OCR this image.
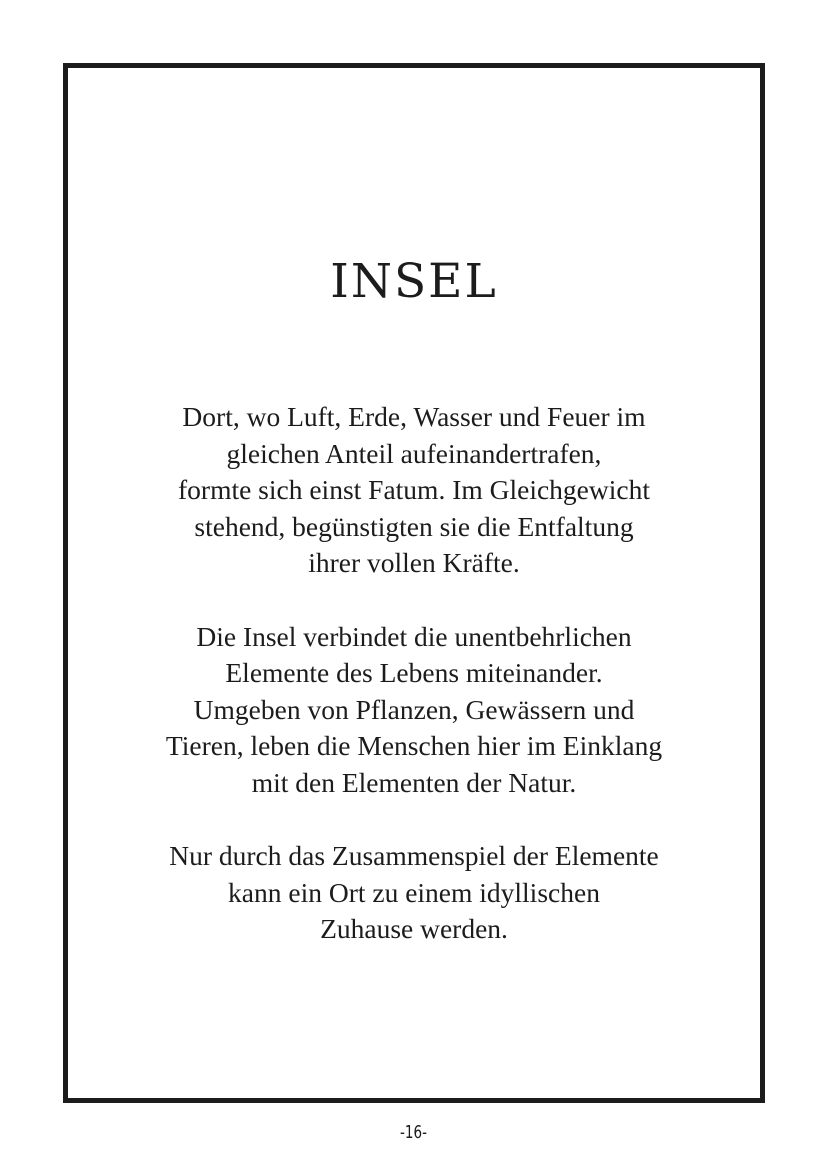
INSEL

Dort, wo Luft, Erde, Wasser und Feuer im
gleichen Anteil aufeinandertrafen,
formte sich einst Fatum. Im Gleichgewicht
stehend, begünstigten sie die Entfaltung
ihrer vollen Kräfte.

Die Insel verbindet die unentbehrlichen
Elemente des Lebens miteinander.
Umgeben von Pflanzen, Gewässern und
Tieren, leben die Menschen hier im Einklang
mit den Elementen der Natur.

Nur durch das Zusammenspiel der Elemente
kann ein Ort zu einem idyllischen
Zuhause werden.

-16-
